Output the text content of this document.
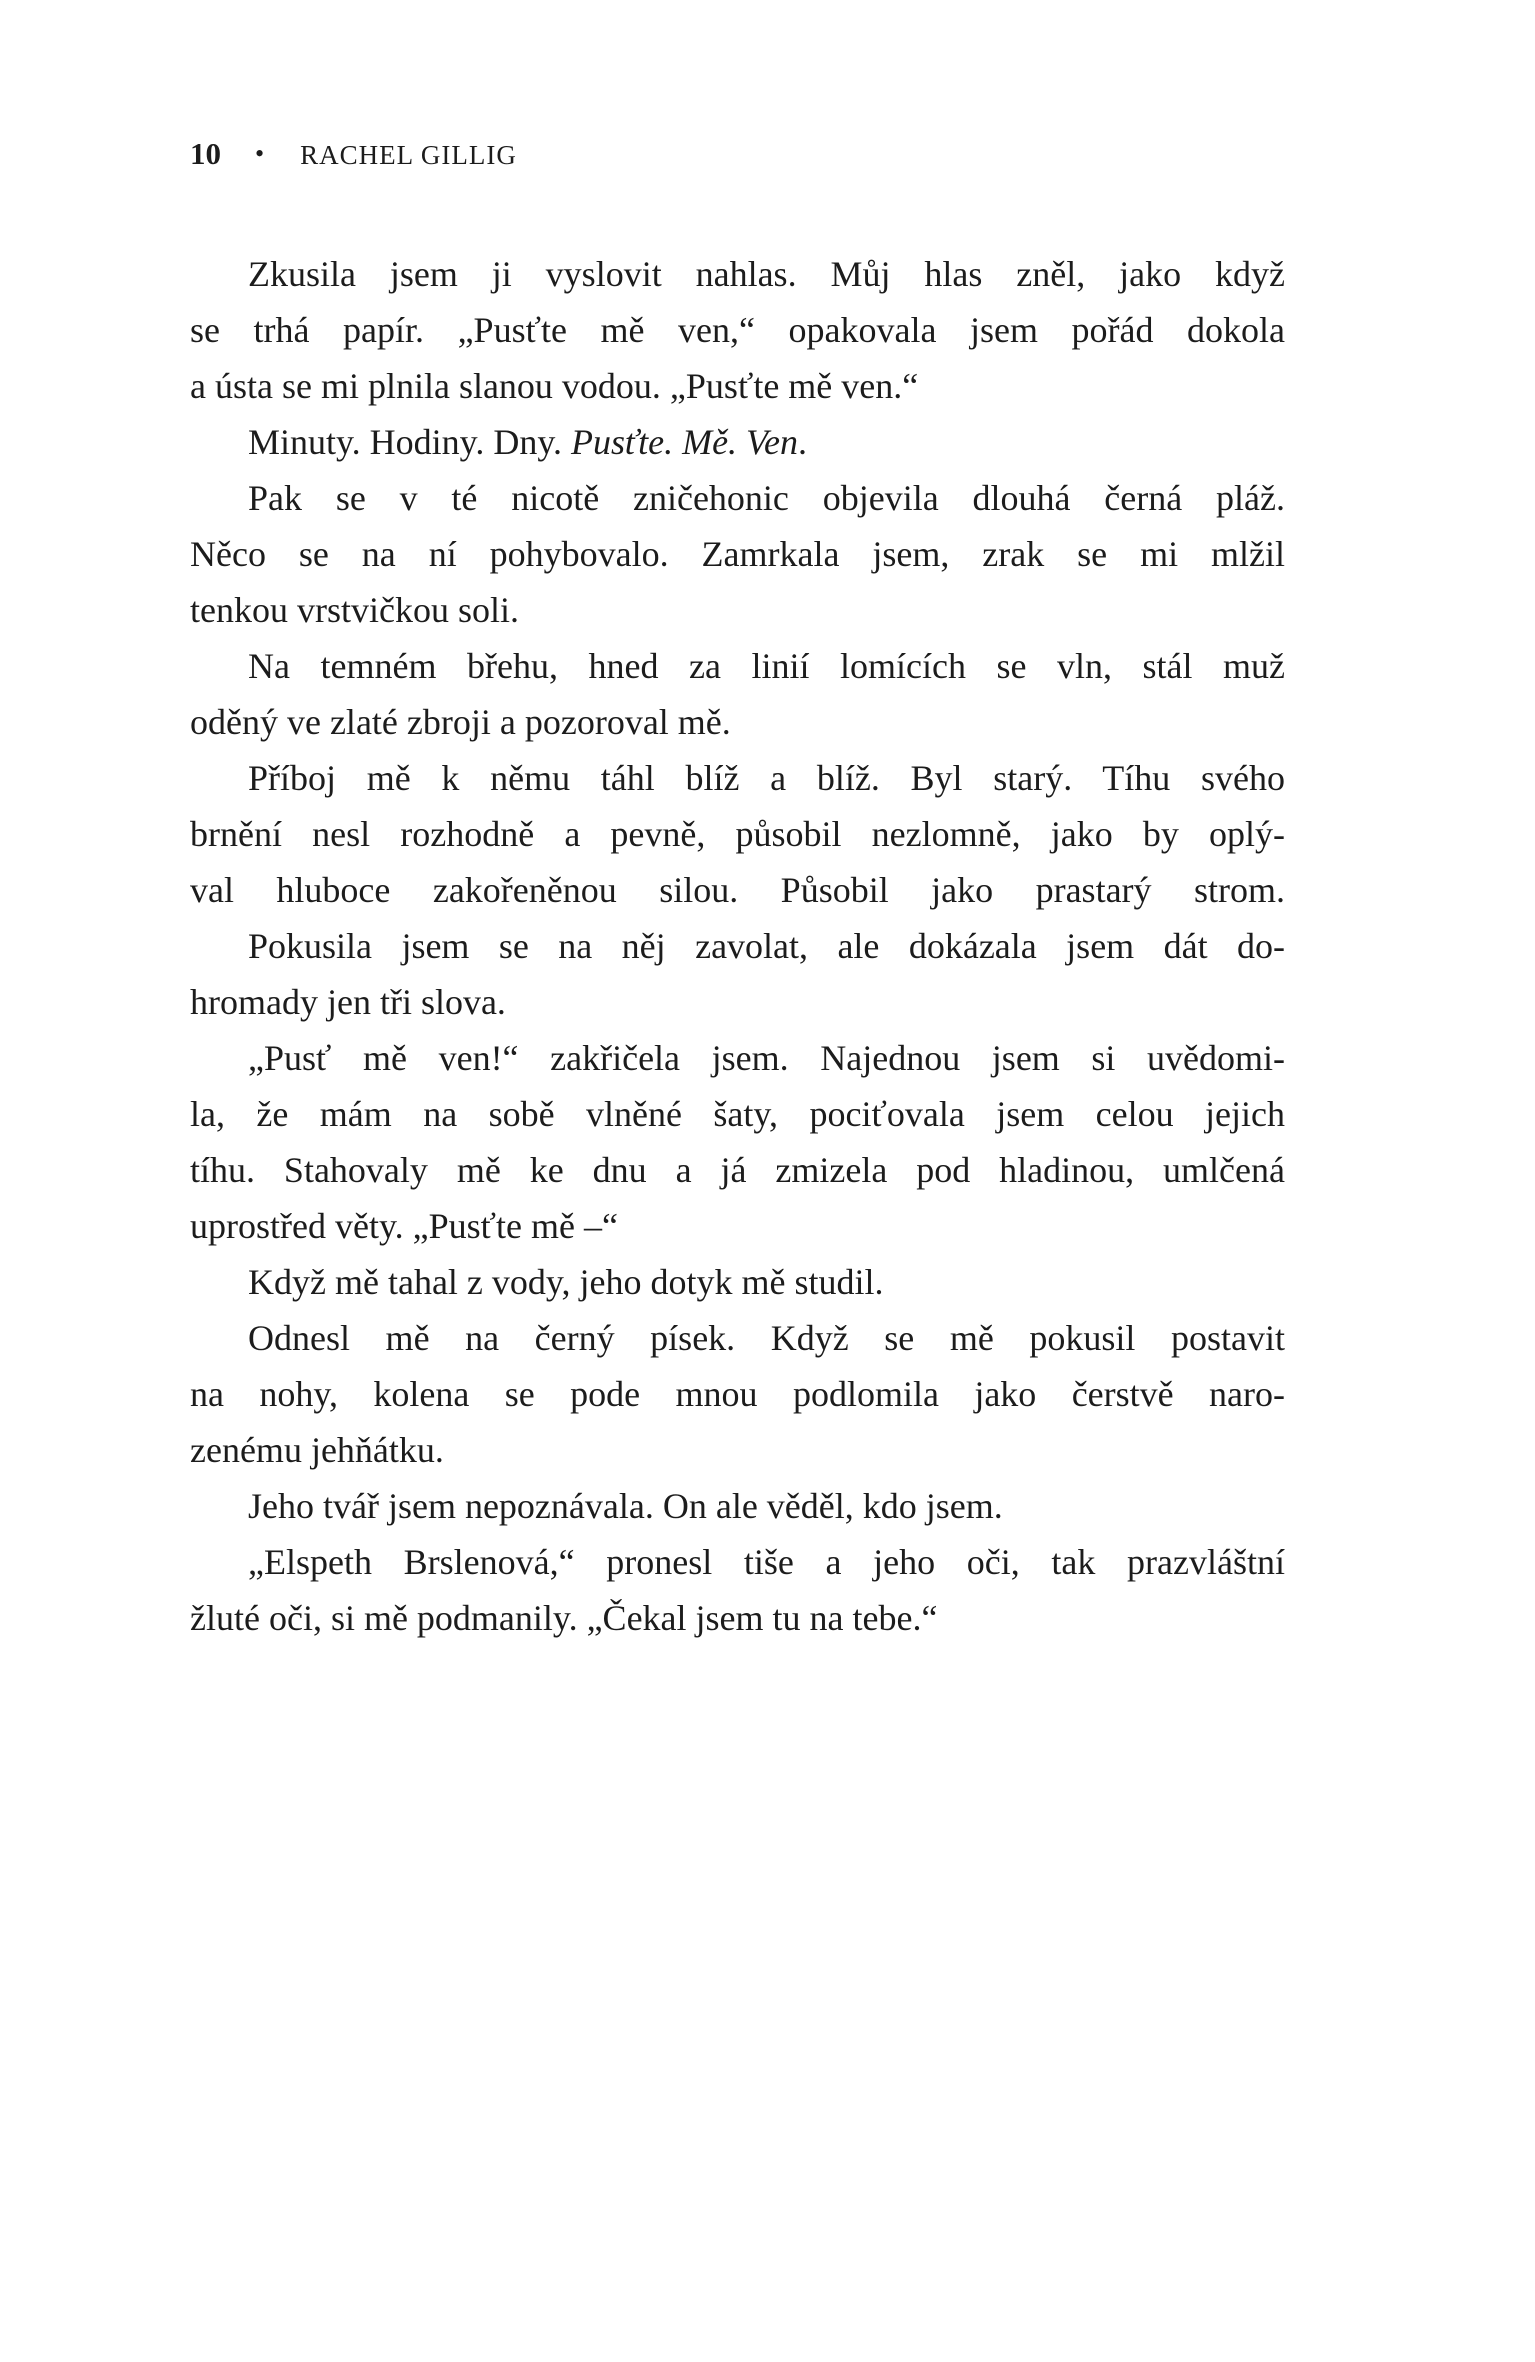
10 • RACHEL GILLIG
Zkusila jsem ji vyslovit nahlas. Můj hlas zněl, jako když
se trhá papír. „Pusťte mě ven,“ opakovala jsem pořád dokola
a ústa se mi plnila slanou vodou. „Pusťte mě ven.“
Minuty. Hodiny. Dny. Pusťte. Mě. Ven.
Pak se v té nicotě zničehonic objevila dlouhá černá pláž.
Něco se na ní pohybovalo. Zamrkala jsem, zrak se mi mlžil
tenkou vrstvičkou soli.
Na temném břehu, hned za linií lomících se vln, stál muž
oděný ve zlaté zbroji a pozoroval mě.
Příboj mě k němu táhl blíž a blíž. Byl starý. Tíhu svého
brnění nesl rozhodně a pevně, působil nezlomně, jako by oplý-
val hluboce zakořeněnou silou. Působil jako prastarý strom.
Pokusila jsem se na něj zavolat, ale dokázala jsem dát do-
hromady jen tři slova.
„Pusť mě ven!“ zakřičela jsem. Najednou jsem si uvědomi-
la, že mám na sobě vlněné šaty, pociťovala jsem celou jejich
tíhu. Stahovaly mě ke dnu a já zmizela pod hladinou, umlčená
uprostřed věty. „Pusťte mě –“
Když mě tahal z vody, jeho dotyk mě studil.
Odnesl mě na černý písek. Když se mě pokusil postavit
na nohy, kolena se pode mnou podlomila jako čerstvě naro-
zenému jehňátku.
Jeho tvář jsem nepoznávala. On ale věděl, kdo jsem.
„Elspeth Brslenová,“ pronesl tiše a jeho oči, tak prazvláštní
žluté oči, si mě podmanily. „Čekal jsem tu na tebe.“
